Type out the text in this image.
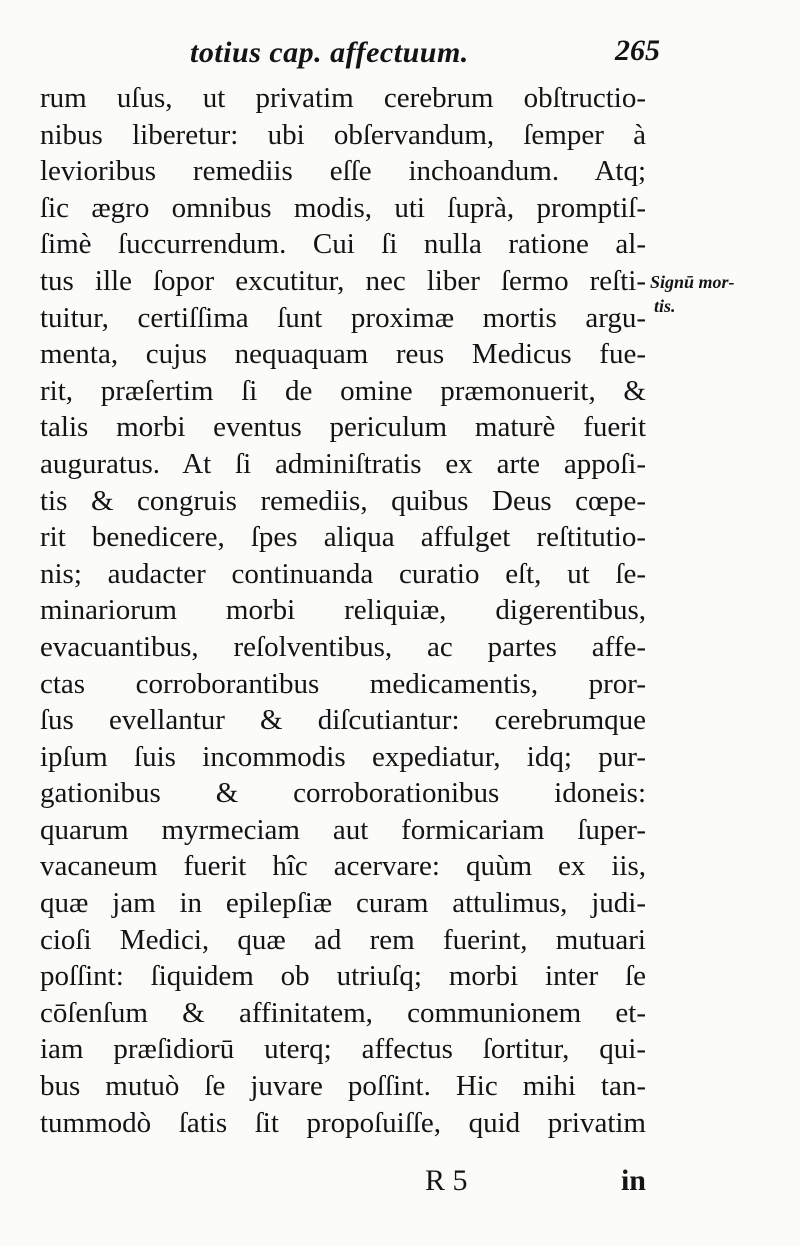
totius cap. affectuum.	265
rum uſus, ut privatim cerebrum obſtructio-
nibus liberetur: ubi obſervandum, ſemper à
levioribus remediis eſſe inchoandum. Atq;
ſic ægro omnibus modis, uti ſuprà, promptiſ-
ſimè ſuccurrendum. Cui ſi nulla ratione al-
tus ille ſopor excutitur, nec liber ſermo reſti-
tuitur, certiſſima ſunt proximæ mortis argu-
menta, cujus nequaquam reus Medicus fue-
rit, præſertim ſi de omine præmonuerit, &
talis morbi eventus periculum maturè fuerit
auguratus. At ſi adminiſtratis ex arte appoſi-
tis & congruis remediis, quibus Deus cœpe-
rit benedicere, ſpes aliqua affulget reſtitutio-
nis; audacter continuanda curatio eſt, ut ſe-
minariorum morbi reliquiæ, digerentibus,
evacuantibus, reſolventibus, ac partes affe-
ctas corroborantibus medicamentis, pror-
ſus evellantur & diſcutiantur: cerebrumque
ipſum ſuis incommodis expediatur, idq; pur-
gationibus & corroborationibus idoneis:
quarum myrmeciam aut formicariam ſuper-
vacaneum fuerit hîc acervare: quùm ex iis,
quæ jam in epilepſiæ curam attulimus, judi-
cioſi Medici, quæ ad rem fuerint, mutuari
poſſint: ſiquidem ob utriuſq; morbi inter ſe
cōſenſum & affinitatem, communionem et-
iam præſidiorū uterq; affectus ſortitur, qui-
bus mutuò ſe juvare poſſint. Hic mihi tan-
tummodò ſatis ſit propoſuiſſe, quid privatim
Signū mor-
tis.
R 5	in
